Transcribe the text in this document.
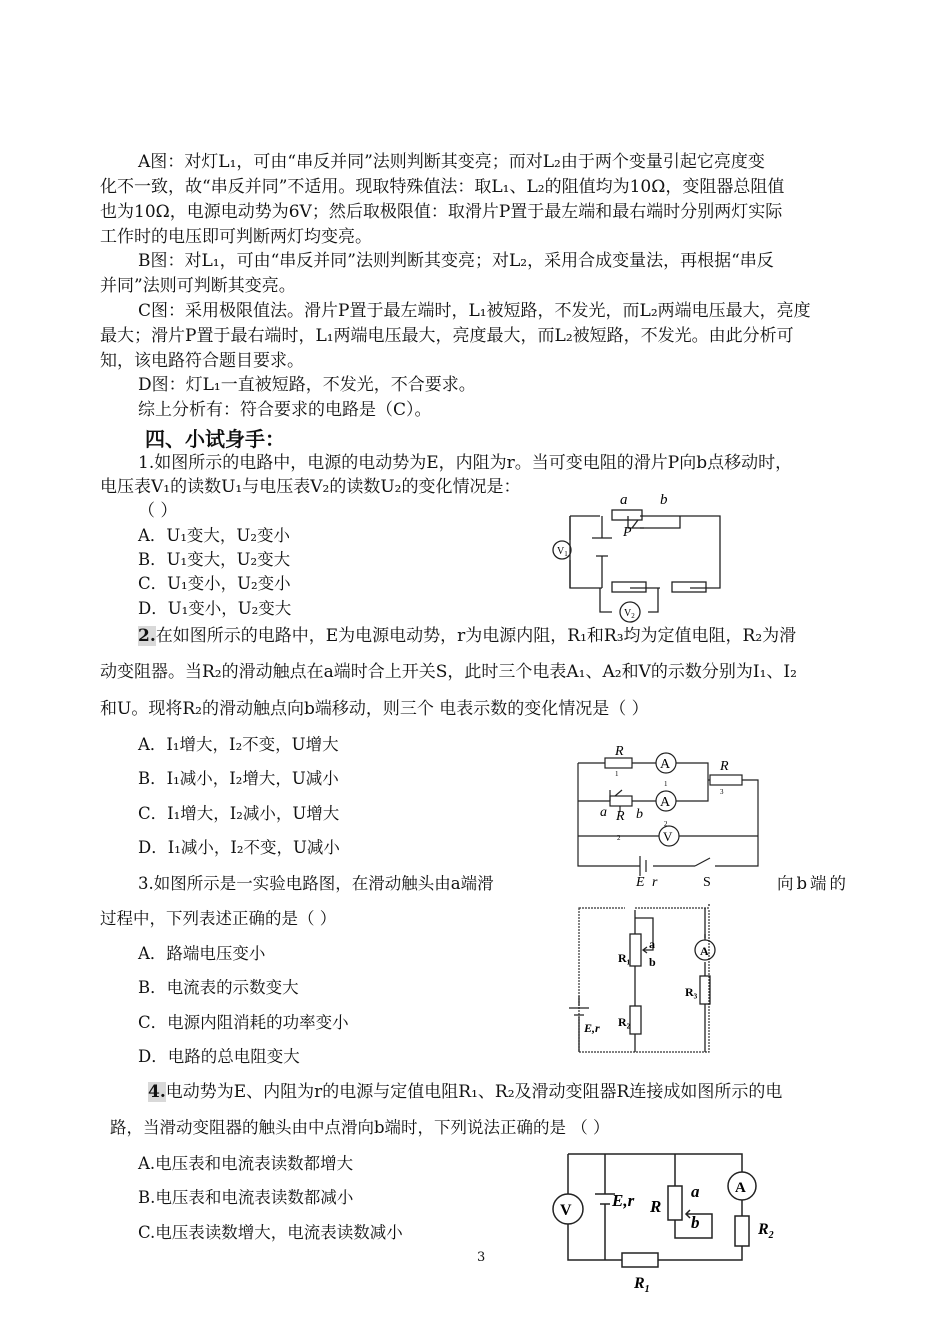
A图：对灯L₁，可由“串反并同”法则判断其变亮；而对L₂由于两个变量引起它亮度变
化不一致，故“串反并同”不适用。现取特殊值法：取L₁、L₂的阻值均为10Ω，变阻器总阻值
也为10Ω，电源电动势为6V；然后取极限值：取滑片P置于最左端和最右端时分别两灯实际
工作时的电压即可判断两灯均变亮。
B图：对L₁，可由“串反并同”法则判断其变亮；对L₂，采用合成变量法，再根据“串反
并同”法则可判断其变亮。
C图：采用极限值法。滑片P置于最左端时，L₁被短路，不发光，而L₂两端电压最大，亮度
最大；滑片P置于最右端时，L₁两端电压最大，亮度最大，而L₂被短路，不发光。由此分析可
知，该电路符合题目要求。
D图：灯L₁一直被短路，不发光，不合要求。
综上分析有：符合要求的电路是（C）。
四、小试身手：
1.如图所示的电路中，电源的电动势为E，内阻为r。当可变电阻的滑片P向b点移动时，
电压表V₁的读数U₁与电压表V₂的读数U₂的变化情况是：
（ ）
A．U₁变大，U₂变小
B．U₁变大，U₂变大
C．U₁变小，U₂变小
D．U₁变小，U₂变大
a b
P
$V_1$
$V_2$
2.在如图所示的电路中，E为电源电动势，r为电源内阻，R₁和R₃均为定值电阻，R₂为滑
动变阻器。当R₂的滑动触点在a端时合上开关S，此时三个电表A₁、A₂和V的示数分别为I₁、I₂
和U。现将R₂的滑动触点向b端移动，则三个 电表示数的变化情况是（ ）
A．I₁增大，I₂不变，U增大
B．I₁减小，I₂增大，U减小
C．I₁增大，I₂减小，U增大
D．I₁减小，I₂不变，U减小
R
1
A
1
R
3
a R
2
b
A
2
V
E r	S
3.如图所示是一实验电路图，在滑动触头由a端滑	向b端的
过程中，下列表述正确的是（ ）
A．路端电压变小
B．电流表的示数变大
C．电源内阻消耗的功率变小
D．电路的总电阻变大
R₁
R₂
R₃
a
b
A
E,r
4.电动势为E、内阻为r的电源与定值电阻R₁、R₂及滑动变阻器R连接成如图所示的电
路，当滑动变阻器的触头由中点滑向b端时，下列说法正确的是 （ ）
A.电压表和电流表读数都增大
B.电压表和电流表读数都减小
C.电压表读数增大，电流表读数减小
V
E,r R
a
b
A
$R_2$
$R_1$
3
